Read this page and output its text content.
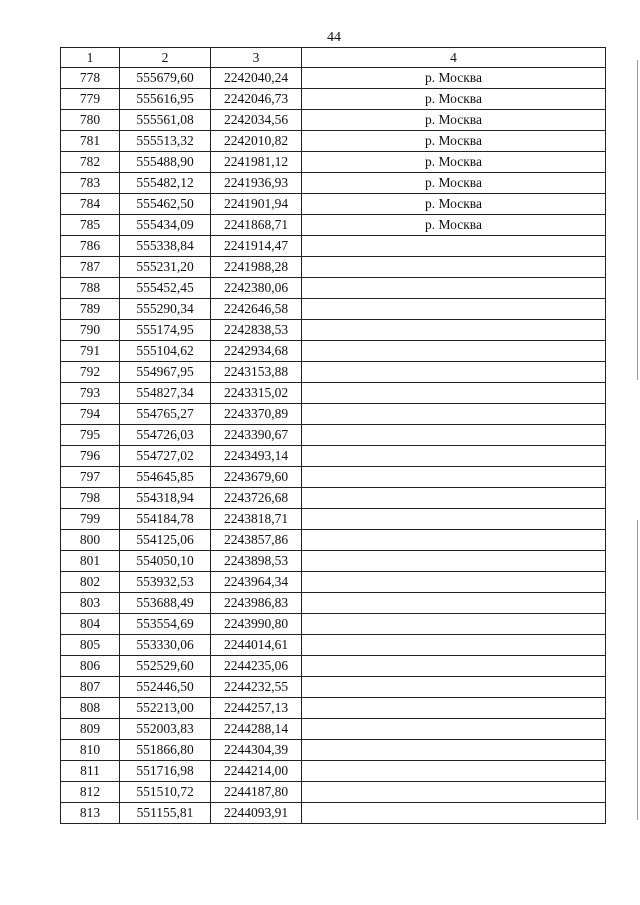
44
1	2	3	4
778	555679,60	2242040,24	р. Москва
779	555616,95	2242046,73	р. Москва
780	555561,08	2242034,56	р. Москва
781	555513,32	2242010,82	р. Москва
782	555488,90	2241981,12	р. Москва
783	555482,12	2241936,93	р. Москва
784	555462,50	2241901,94	р. Москва
785	555434,09	2241868,71	р. Москва
786	555338,84	2241914,47	
787	555231,20	2241988,28	
788	555452,45	2242380,06	
789	555290,34	2242646,58	
790	555174,95	2242838,53	
791	555104,62	2242934,68	
792	554967,95	2243153,88	
793	554827,34	2243315,02	
794	554765,27	2243370,89	
795	554726,03	2243390,67	
796	554727,02	2243493,14	
797	554645,85	2243679,60	
798	554318,94	2243726,68	
799	554184,78	2243818,71	
800	554125,06	2243857,86	
801	554050,10	2243898,53	
802	553932,53	2243964,34	
803	553688,49	2243986,83	
804	553554,69	2243990,80	
805	553330,06	2244014,61	
806	552529,60	2244235,06	
807	552446,50	2244232,55	
808	552213,00	2244257,13	
809	552003,83	2244288,14	
810	551866,80	2244304,39	
811	551716,98	2244214,00	
812	551510,72	2244187,80	
813	551155,81	2244093,91	
